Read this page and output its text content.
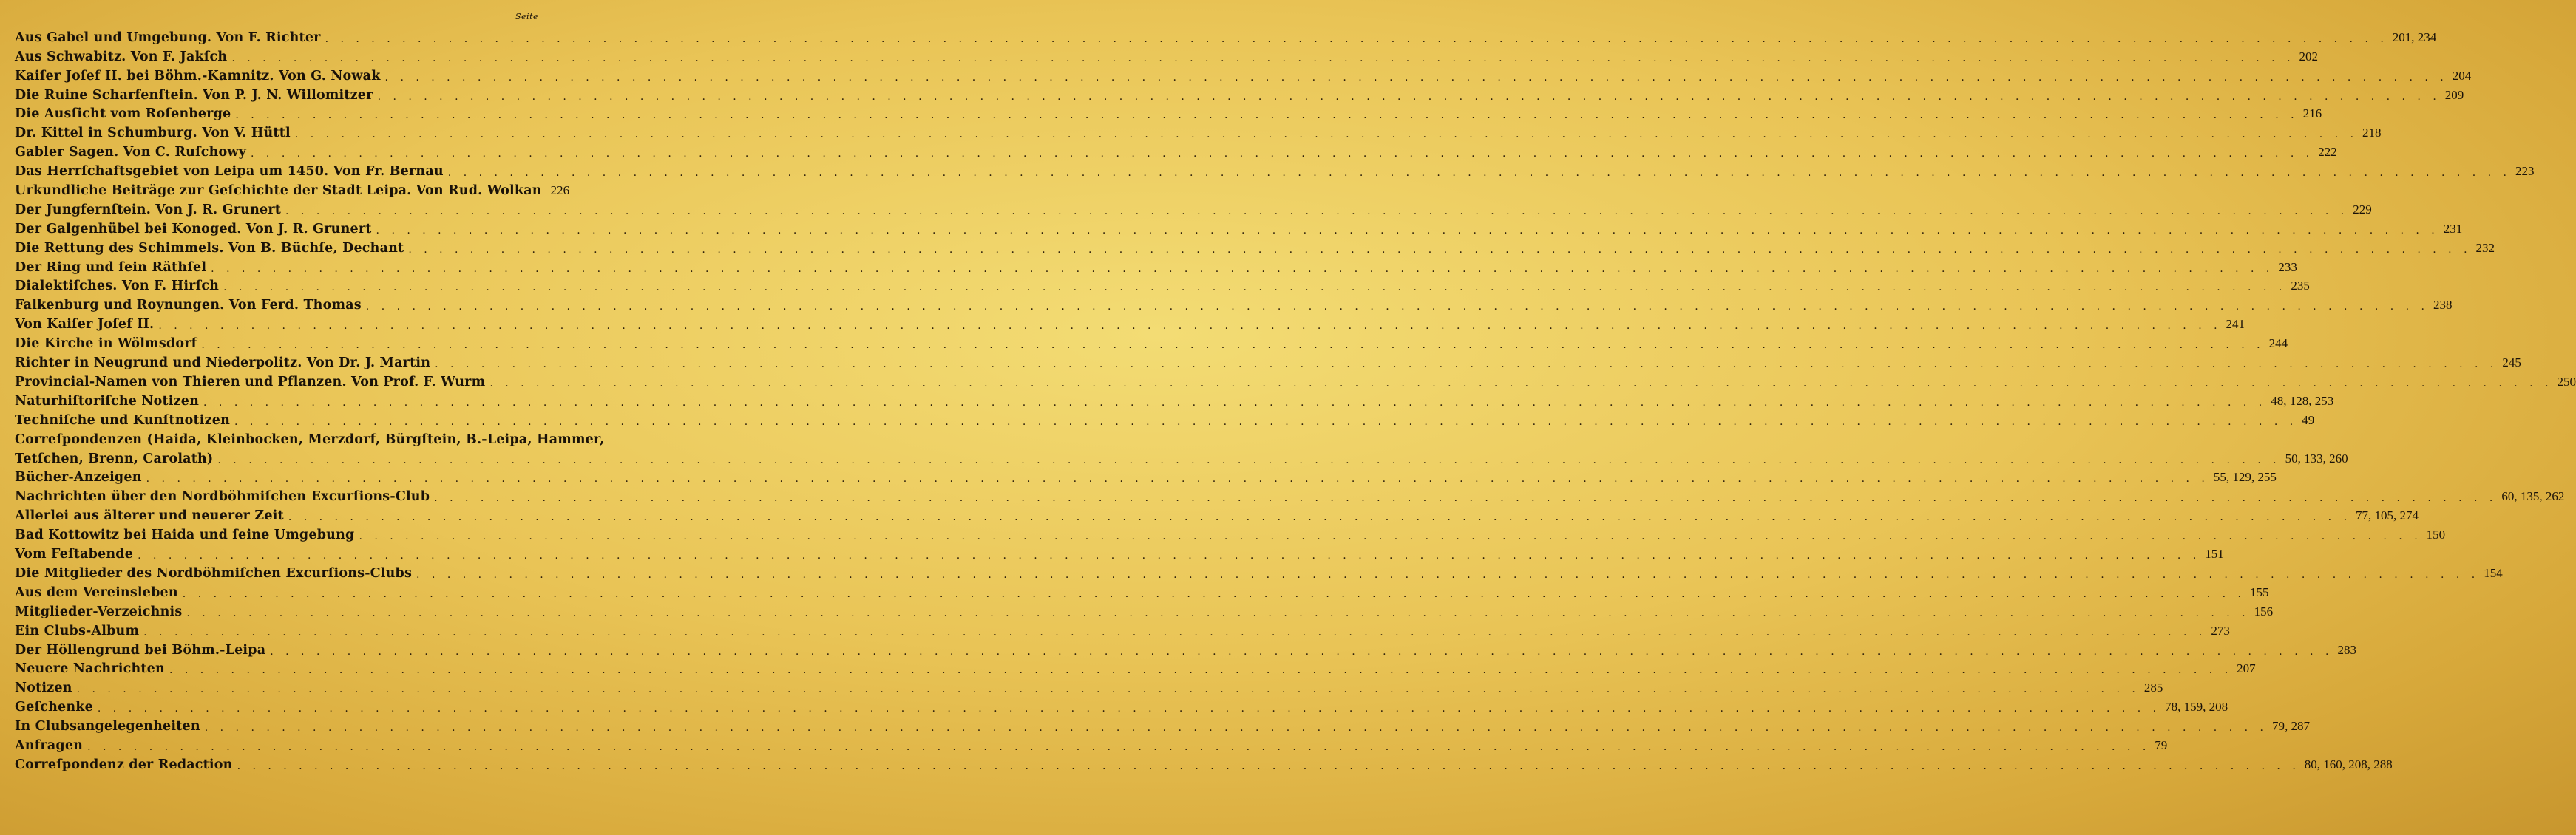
Seite
Aus Gabel und Umgebung. Von F. Richter . . .	201, 234
Aus Schwabitz. Von F. Jakſch . . .	202
Kaiſer Joſef II. bei Böhm.-Kamnitz. Von G. Nowak . . .	204
Die Ruine Scharfenſtein. Von P. J. N. Willomitzer . . .	209
Die Ausſicht vom Roſenberge . . .	216
Dr. Kittel in Schumburg. Von V. Hüttl . . .	218
Gabler Sagen. Von C. Ruſchowy . . .	222
Das Herrſchaftsgebiet von Leipa um 1450. Von Fr. Bernau . . .	223
Urkundliche Beiträge zur Geſchichte der Stadt Leipa. Von Rud. Wolkan 226
Der Jungfernſtein. Von J. R. Grunert . . .	229
Der Galgenhübel bei Konoged. Von J. R. Grunert . . .	231
Die Rettung des Schimmels. Von B. Büchſe, Dechant . . .	232
Der Ring und ſein Räthſel . . .	233
Dialektiſches. Von F. Hirſch . . .	235
Falkenburg und Roynungen. Von Ferd. Thomas . . .	238
Von Kaiſer Joſef II. . . .	241
Die Kirche in Wölmsdorf . . .	244
Richter in Neugrund und Niederpolitz. Von Dr. J. Martin . . .	245
Provincial-Namen von Thieren und Pflanzen. Von Prof. F. Wurm . . .	250
Naturhiſtoriſche Notizen . . .	48, 128, 253
Techniſche und Kunſtnotizen . . .	49
Correſpondenzen (Haida, Kleinbocken, Merzdorf, Bürgſtein, B.-Leipa, Hammer,
Tetſchen, Brenn, Carolath) . . .	50, 133, 260
Bücher-Anzeigen . . .	55, 129, 255
Nachrichten über den Nordböhmiſchen Excurſions-Club . . .	60, 135, 262
Allerlei aus älterer und neuerer Zeit . . .	77, 105, 274
Bad Kottowitz bei Haida und ſeine Umgebung . . .	150
Vom Feſtabende . . .	151
Die Mitglieder des Nordböhmiſchen Excurſions-Clubs . . .	154
Aus dem Vereinsleben . . .	155
Mitglieder-Verzeichnis . . .	156
Ein Clubs-Album . . .	273
Der Höllengrund bei Böhm.-Leipa . . .	283
Neuere Nachrichten . . .	207
Notizen . . .	285
Geſchenke . . .	78, 159, 208
In Clubsangelegenheiten . . .	79, 287
Anfragen . . .	79
Correſpondenz der Redaction . . .	80, 160, 208, 288
